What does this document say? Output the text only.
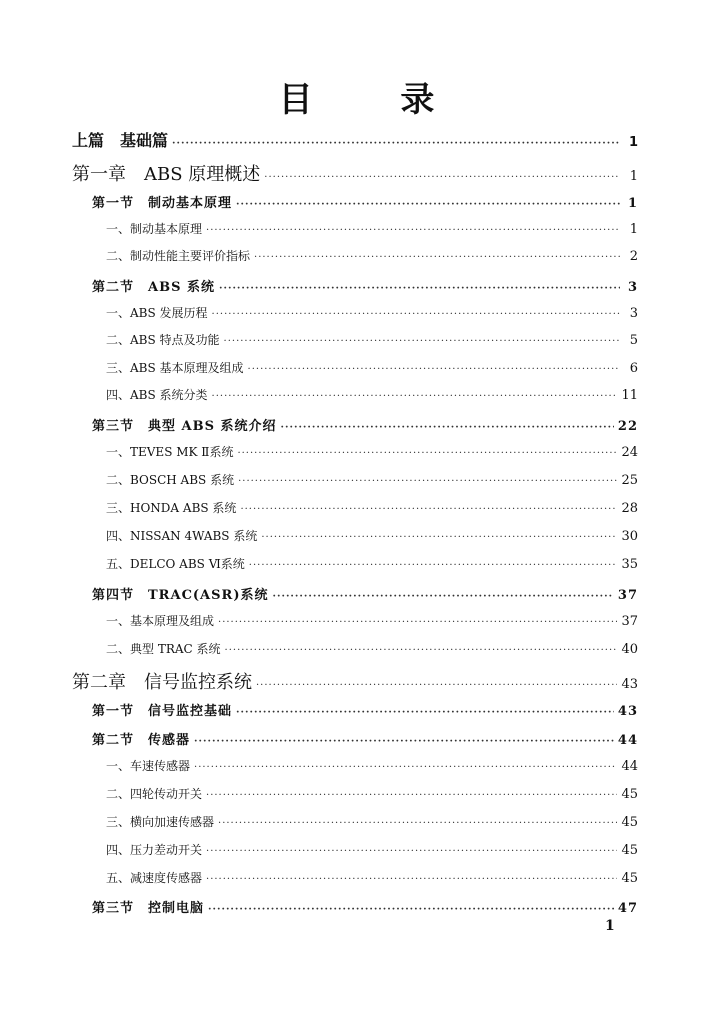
目 录
上篇　基础篇 ·····	1
第一章　ABS 原理概述 ·····	1
第一节　制动基本原理 ·····	1
一、制动基本原理 ·····	1
二、制动性能主要评价指标 ·····	2
第二节　ABS 系统 ·····	3
一、ABS 发展历程 ·····	3
二、ABS 特点及功能 ·····	5
三、ABS 基本原理及组成 ·····	6
四、ABS 系统分类 ·····	11
第三节　典型 ABS 系统介绍 ·····	22
一、TEVES MK Ⅱ系统 ·····	24
二、BOSCH ABS 系统 ·····	25
三、HONDA ABS 系统 ·····	28
四、NISSAN 4WABS 系统 ·····	30
五、DELCO ABS Ⅵ系统 ·····	35
第四节　TRAC(ASR)系统 ·····	37
一、基本原理及组成 ·····	37
二、典型 TRAC 系统 ·····	40
第二章　信号监控系统 ·····	43
第一节　信号监控基础 ·····	43
第二节　传感器 ·····	44
一、车速传感器 ·····	44
二、四轮传动开关 ·····	45
三、横向加速传感器 ·····	45
四、压力差动开关 ·····	45
五、减速度传感器 ·····	45
第三节　控制电脑 ·····	47
1
